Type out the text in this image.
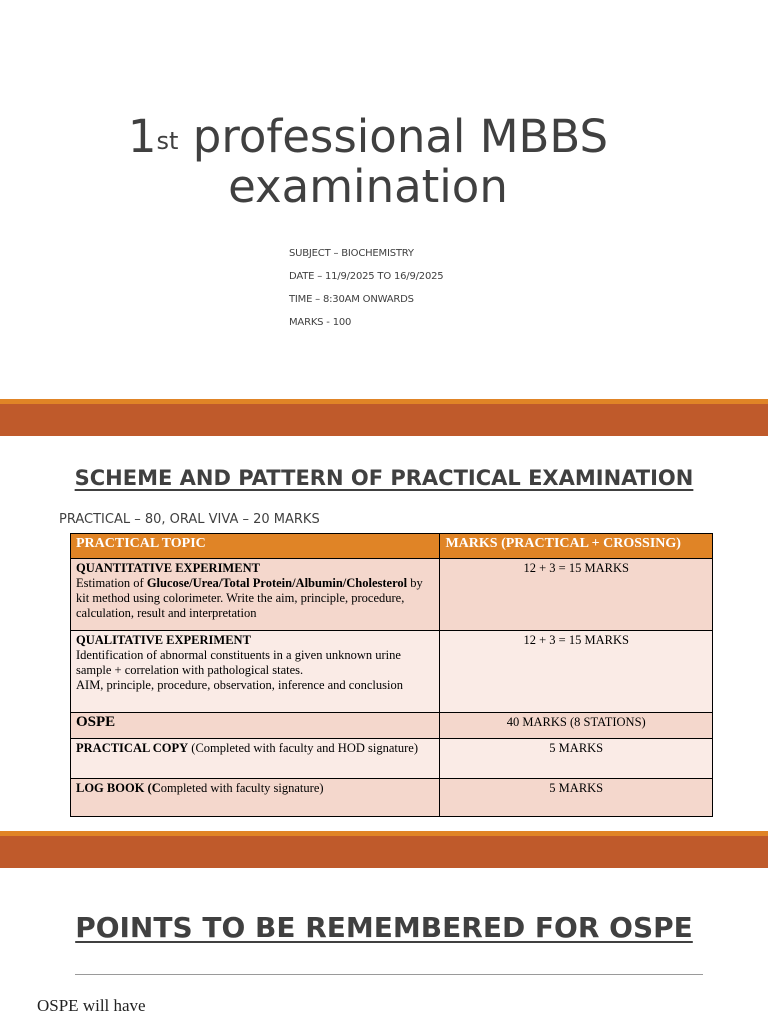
1st professional MBBS
examination
SUBJECT – BIOCHEMISTRY
DATE – 11/9/2025 TO 16/9/2025
TIME – 8:30AM ONWARDS
MARKS - 100
SCHEME AND PATTERN OF PRACTICAL EXAMINATION
PRACTICAL – 80, ORAL VIVA – 20 MARKS
PRACTICAL TOPIC	MARKS (PRACTICAL + CROSSING)
QUANTITATIVE EXPERIMENT
Estimation of Glucose/Urea/Total Protein/Albumin/Cholesterol by kit method using colorimeter. Write the aim, principle, procedure, calculation, result and interpretation	12 + 3 = 15 MARKS
QUALITATIVE EXPERIMENT
Identification of abnormal constituents in a given unknown urine sample + correlation with pathological states.
AIM, principle, procedure, observation, inference and conclusion	12 + 3 = 15 MARKS
OSPE	40 MARKS (8 STATIONS)
PRACTICAL COPY (Completed with faculty and HOD signature)	5 MARKS
LOG BOOK (Completed with faculty signature)	5 MARKS
POINTS TO BE REMEMBERED FOR OSPE
OSPE will have
